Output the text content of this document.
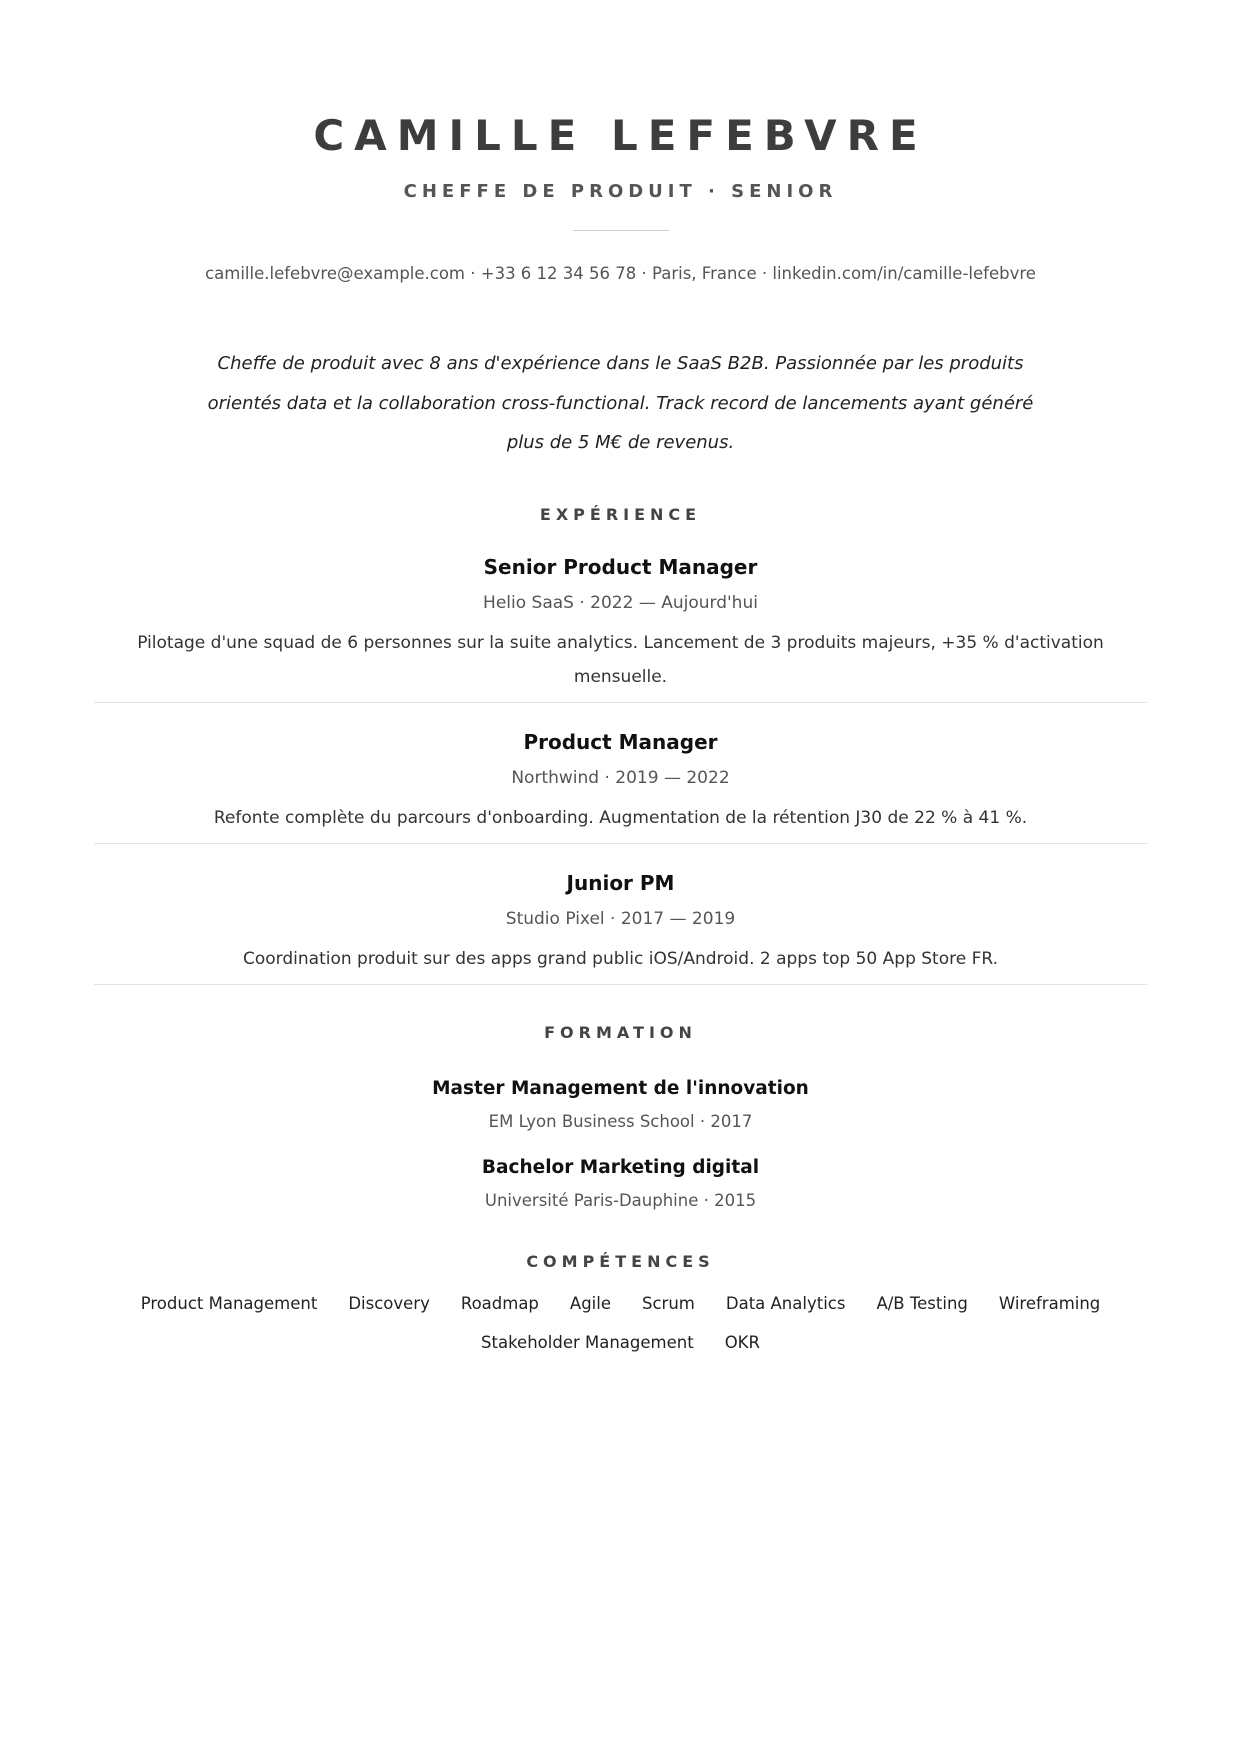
CAMILLE LEFEBVRE
CHEFFE DE PRODUIT · SENIOR
camille.lefebvre@example.com · +33 6 12 34 56 78 · Paris, France · linkedin.com/in/camille-lefebvre

Cheffe de produit avec 8 ans d'expérience dans le SaaS B2B. Passionnée par les produits orientés data et la collaboration cross-functional. Track record de lancements ayant généré plus de 5 M€ de revenus.

EXPÉRIENCE
Senior Product Manager
Helio SaaS · 2022 — Aujourd'hui
Pilotage d'une squad de 6 personnes sur la suite analytics. Lancement de 3 produits majeurs, +35 % d'activation mensuelle.
Product Manager
Northwind · 2019 — 2022
Refonte complète du parcours d'onboarding. Augmentation de la rétention J30 de 22 % à 41 %.
Junior PM
Studio Pixel · 2017 — 2019
Coordination produit sur des apps grand public iOS/Android. 2 apps top 50 App Store FR.
FORMATION
Master Management de l'innovation
EM Lyon Business School · 2017
Bachelor Marketing digital
Université Paris-Dauphine · 2015
COMPÉTENCES
Product Management Discovery Roadmap Agile Scrum Data Analytics A/B Testing Wireframing
Stakeholder Management OKR
